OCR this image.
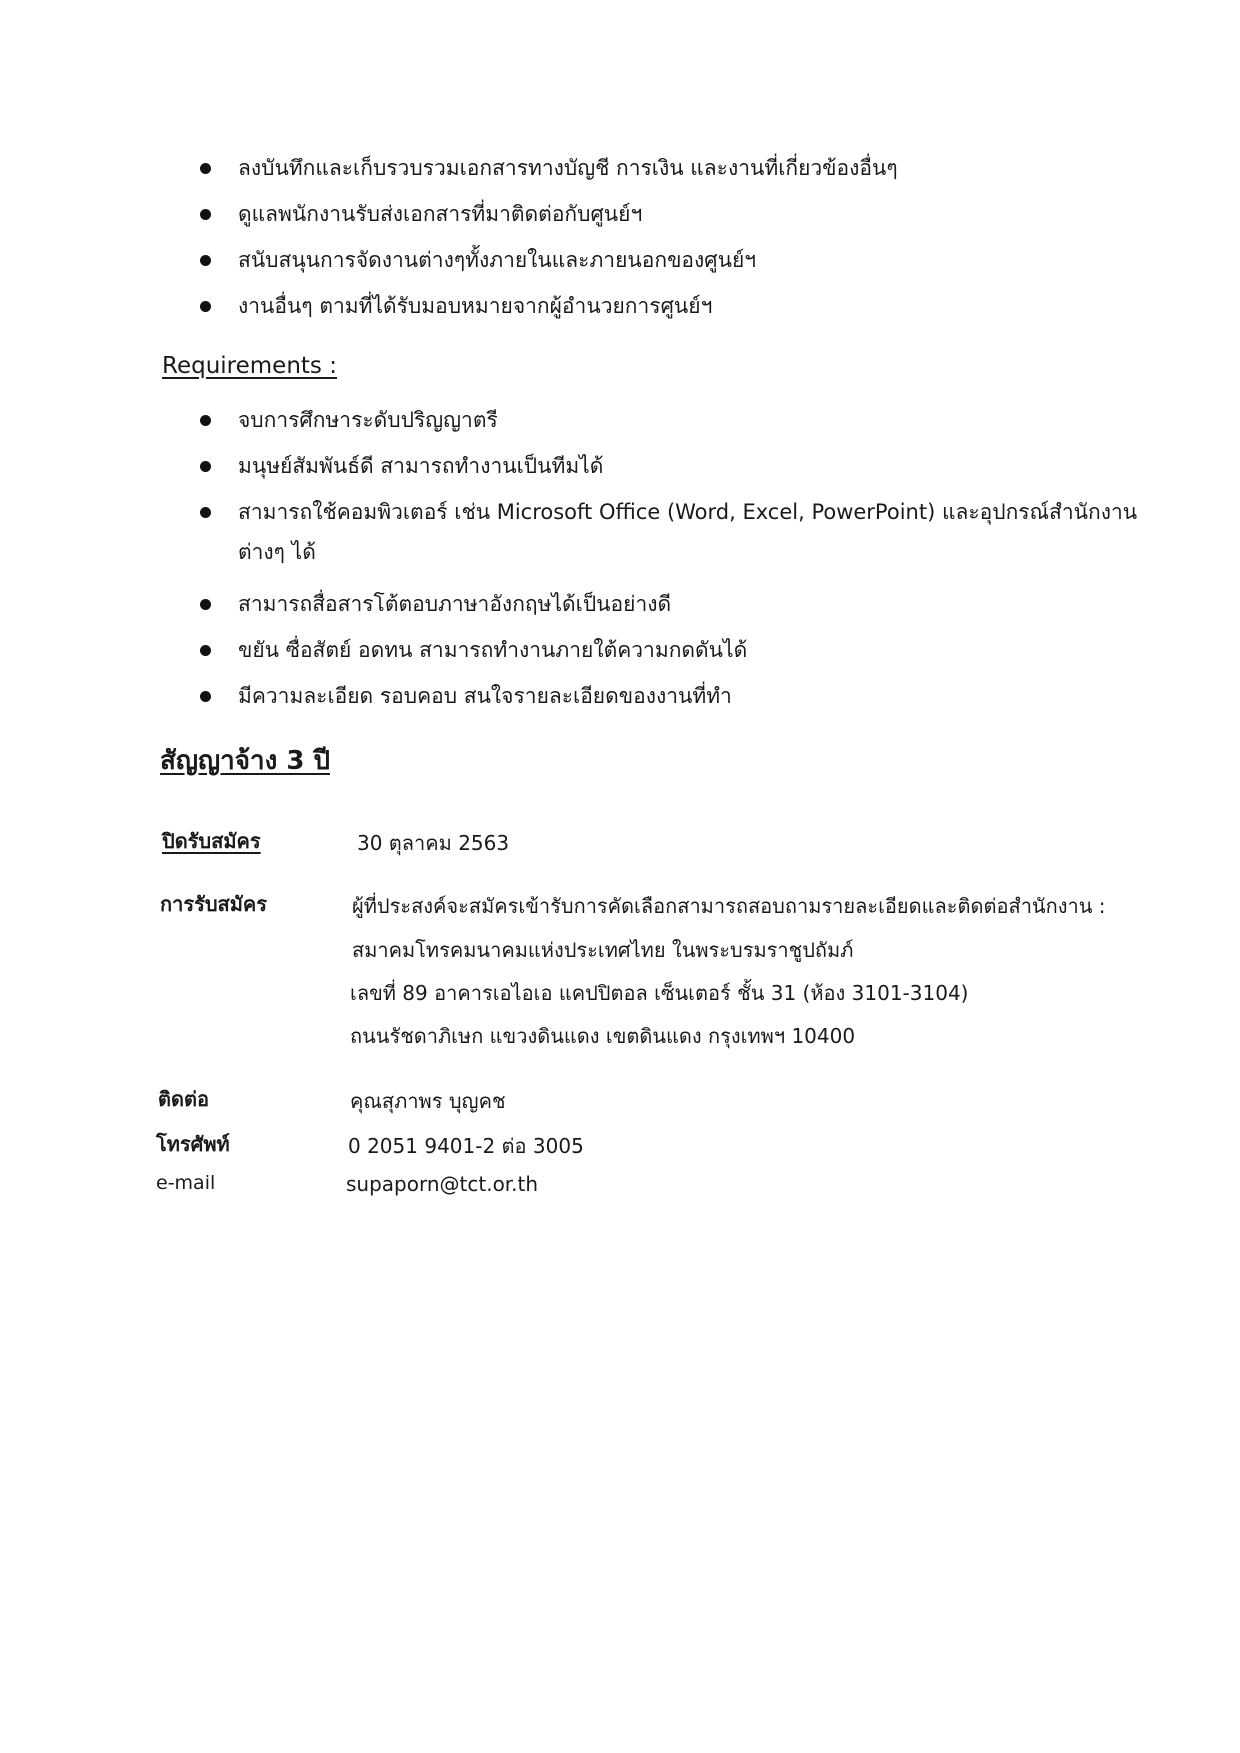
ลงบันทึกและเก็บรวบรวมเอกสารทางบัญชี การเงิน และงานที่เกี่ยวข้องอื่นๆ
ดูแลพนักงานรับส่งเอกสารที่มาติดต่อกับศูนย์ฯ
สนับสนุนการจัดงานต่างๆทั้งภายในและภายนอกของศูนย์ฯ
งานอื่นๆ ตามที่ได้รับมอบหมายจากผู้อำนวยการศูนย์ฯ
Requirements :
จบการศึกษาระดับปริญญาตรี
มนุษย์สัมพันธ์ดี สามารถทำงานเป็นทีมได้
สามารถใช้คอมพิวเตอร์ เช่น Microsoft Office (Word, Excel, PowerPoint) และอุปกรณ์สำนักงาน ต่างๆ ได้
สามารถสื่อสารโต้ตอบภาษาอังกฤษได้เป็นอย่างดี
ขยัน ซื่อสัตย์ อดทน สามารถทำงานภายใต้ความกดดันได้
มีความละเอียด รอบคอบ สนใจรายละเอียดของงานที่ทำ
สัญญาจ้าง 3 ปี
ปิดรับสมัคร	30 ตุลาคม 2563
การรับสมัคร	ผู้ที่ประสงค์จะสมัครเข้ารับการคัดเลือกสามารถสอบถามรายละเอียดและติดต่อสำนักงาน :
สมาคมโทรคมนาคมแห่งประเทศไทย ในพระบรมราชูปถัมภ์
เลขที่ 89 อาคารเอไอเอ แคปปิตอล เซ็นเตอร์ ชั้น 31 (ห้อง 3101-3104)
ถนนรัชดาภิเษก แขวงดินแดง เขตดินแดง กรุงเทพฯ 10400
ติดต่อ	คุณสุภาพร บุญคช
โทรศัพท์	0 2051 9401-2 ต่อ 3005
e-mail	supaporn@tct.or.th
